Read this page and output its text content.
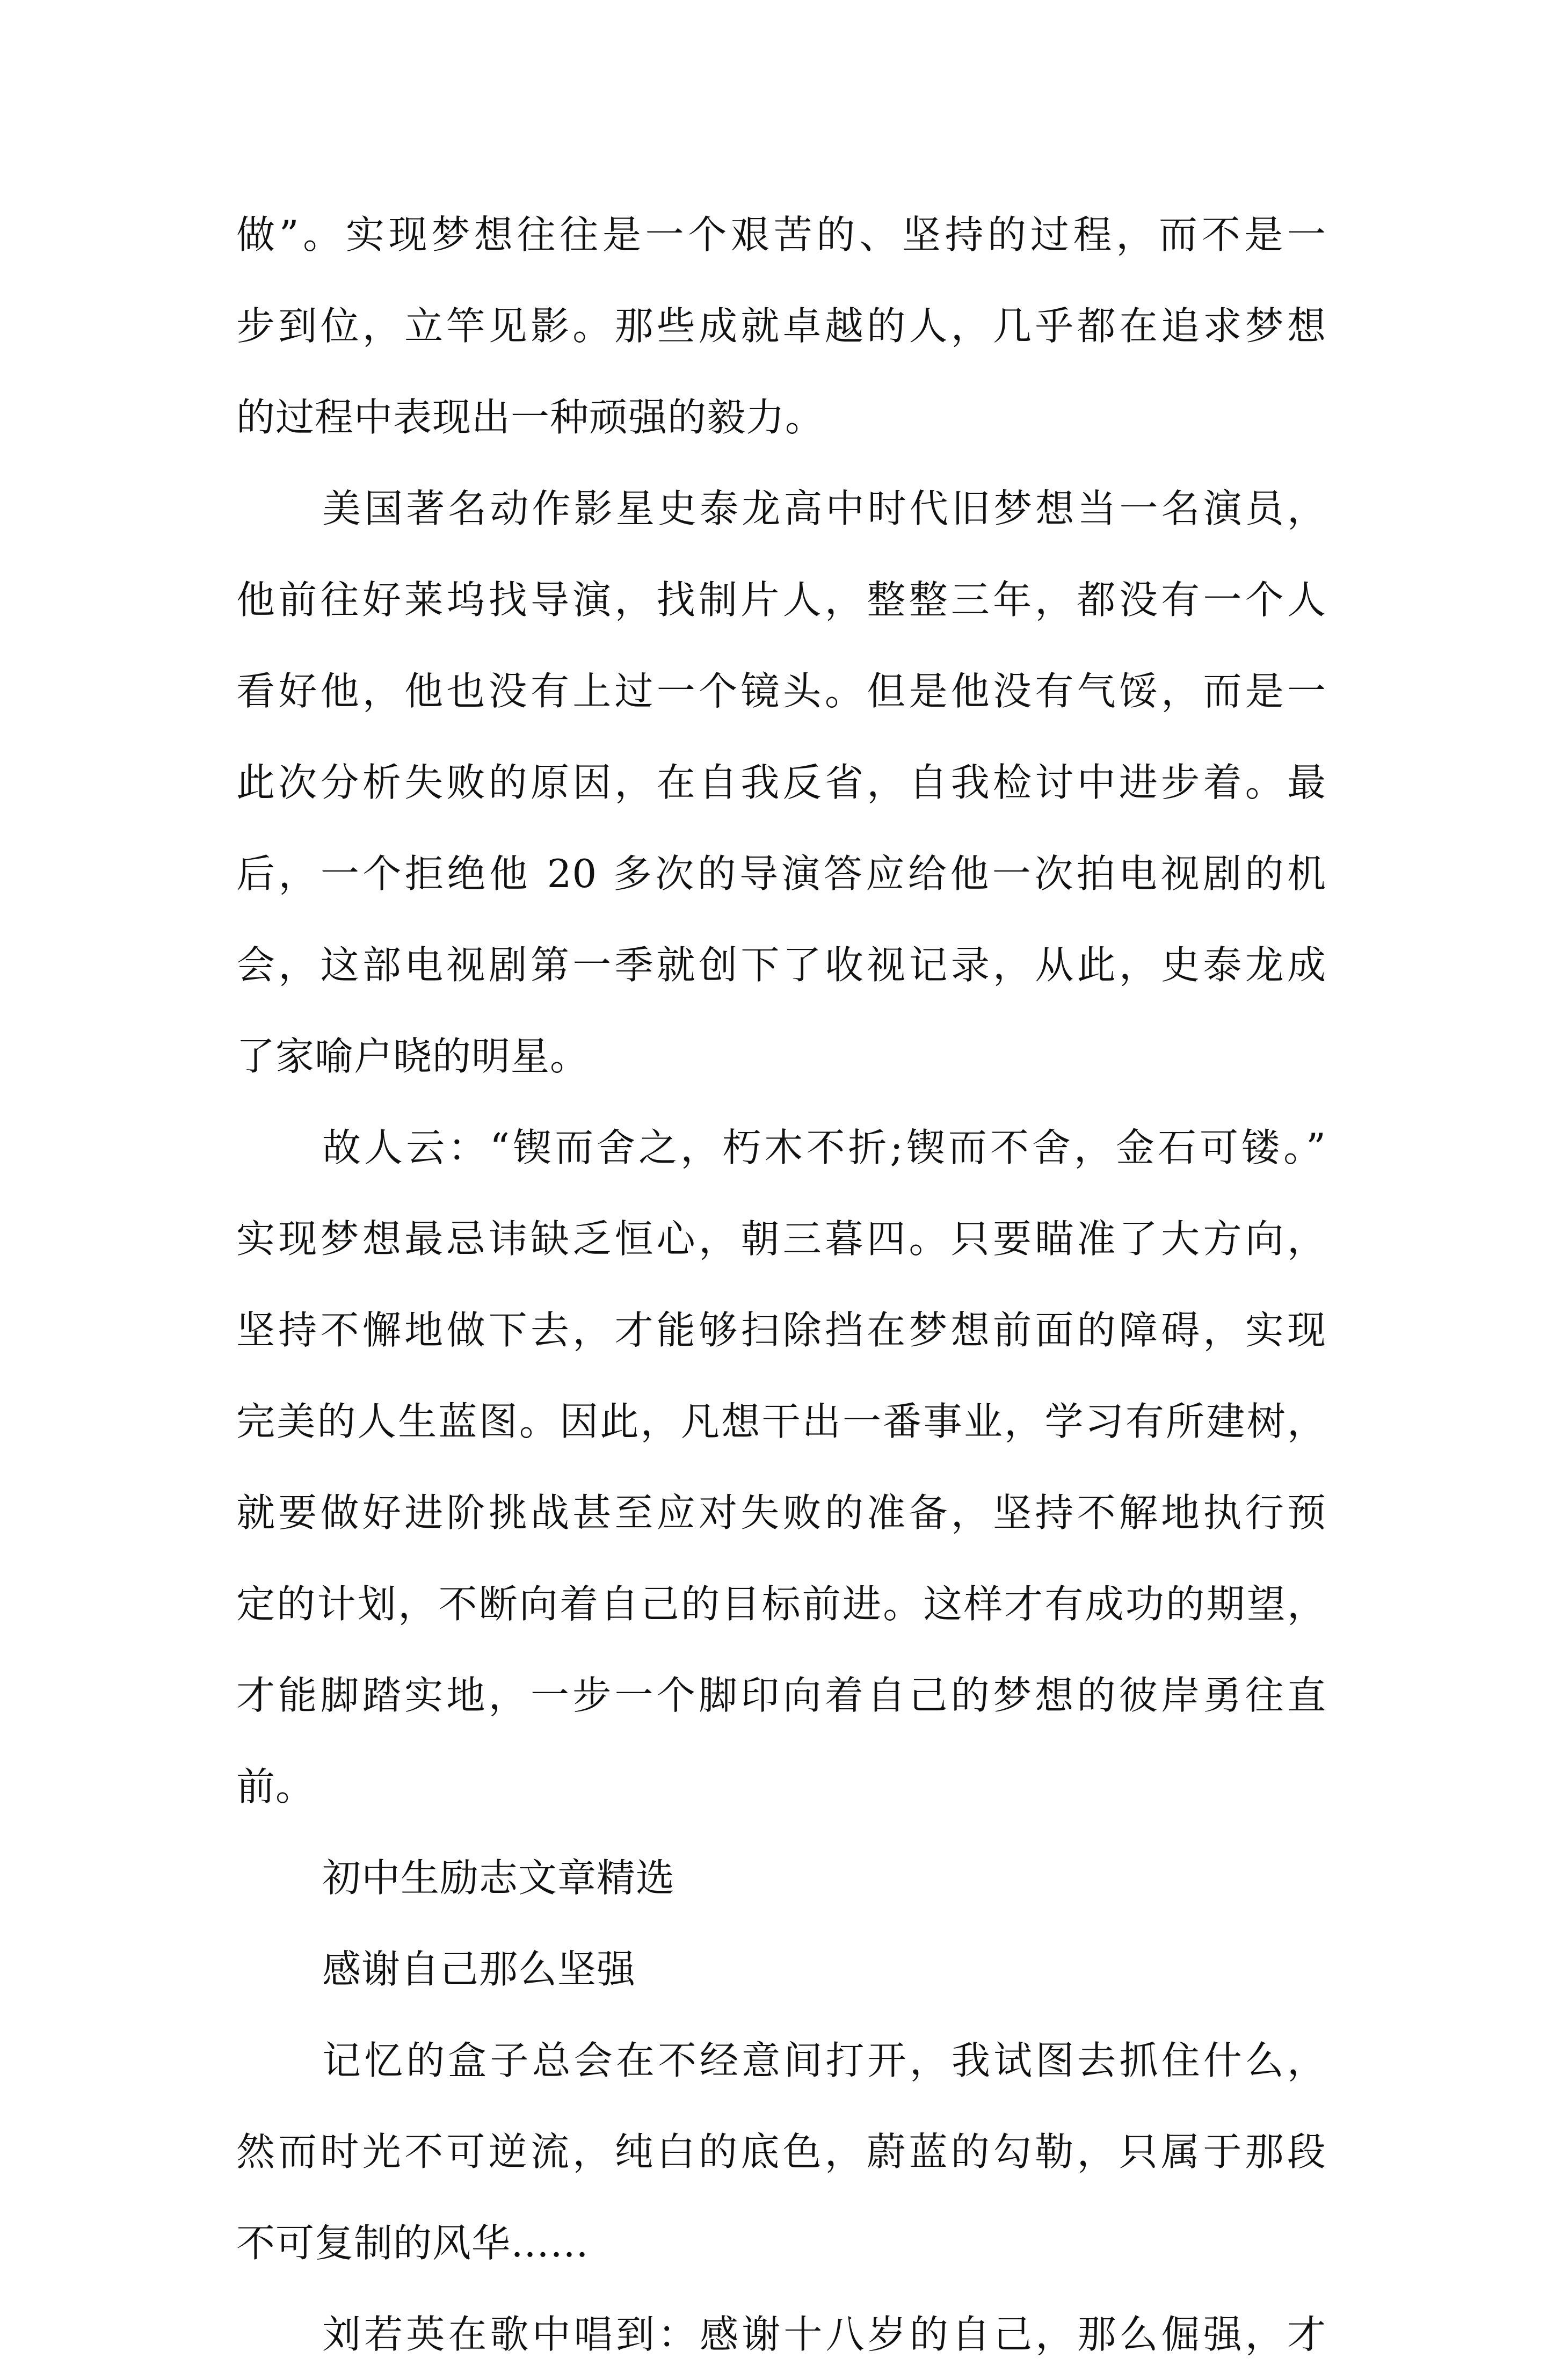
做”。实现梦想往往是一个艰苦的、坚持的过程，而不是一
步到位，立竿见影。那些成就卓越的人，几乎都在追求梦想
的过程中表现出一种顽强的毅力。
美国著名动作影星史泰龙高中时代旧梦想当一名演员，
他前往好莱坞找导演，找制片人，整整三年，都没有一个人
看好他，他也没有上过一个镜头。但是他没有气馁，而是一
此次分析失败的原因，在自我反省，自我检讨中进步着。最
后，一个拒绝他 20 多次的导演答应给他一次拍电视剧的机
会，这部电视剧第一季就创下了收视记录，从此，史泰龙成
了家喻户晓的明星。
故人云：“锲而舍之，朽木不折;锲而不舍，金石可镂。”
实现梦想最忌讳缺乏恒心，朝三暮四。只要瞄准了大方向，
坚持不懈地做下去，才能够扫除挡在梦想前面的障碍，实现
完美的人生蓝图。因此，凡想干出一番事业，学习有所建树，
就要做好进阶挑战甚至应对失败的准备，坚持不解地执行预
定的计划，不断向着自己的目标前进。这样才有成功的期望，
才能脚踏实地，一步一个脚印向着自己的梦想的彼岸勇往直
前。
初中生励志文章精选
感谢自己那么坚强
记忆的盒子总会在不经意间打开，我试图去抓住什么，
然而时光不可逆流，纯白的底色，蔚蓝的勾勒，只属于那段
不可复制的风华……
刘若英在歌中唱到：感谢十八岁的自己，那么倔强，才
